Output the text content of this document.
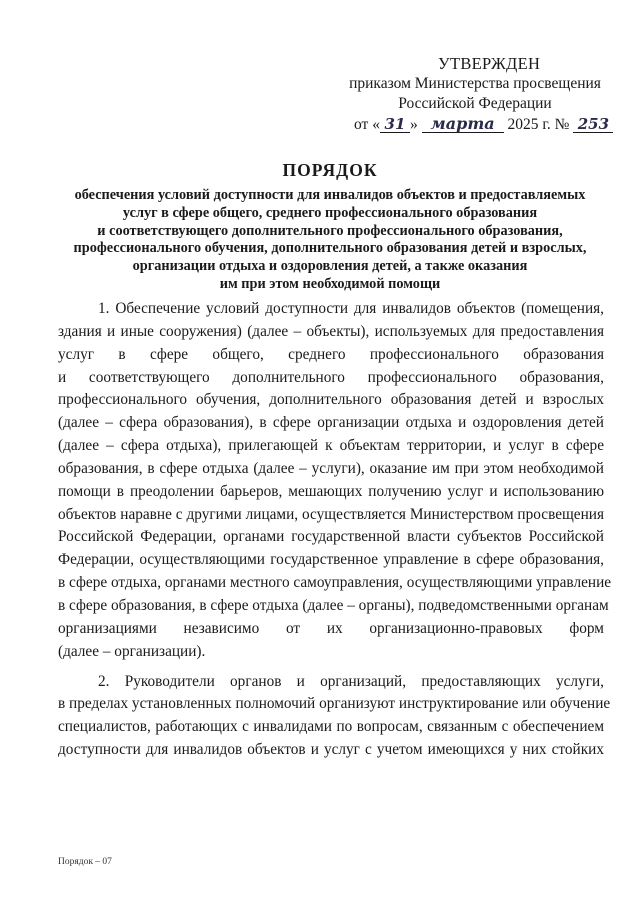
УТВЕРЖДЕН
приказом Министерства просвещения
Российской Федерации
от « 31 » марта 2025 г. № 253
ПОРЯДОК
обеспечения условий доступности для инвалидов объектов и предоставляемых
услуг в сфере общего, среднего профессионального образования
и соответствующего дополнительного профессионального образования,
профессионального обучения, дополнительного образования детей и взрослых,
организации отдыха и оздоровления детей, а также оказания
им при этом необходимой помощи
1. Обеспечение условий доступности для инвалидов объектов (помещения,
здания и иные сооружения) (далее – объекты), используемых для предоставления
услуг в сфере общего, среднего профессионального образования
и соответствующего дополнительного профессионального образования,
профессионального обучения, дополнительного образования детей и взрослых
(далее – сфера образования), в сфере организации отдыха и оздоровления детей
(далее – сфера отдыха), прилегающей к объектам территории, и услуг в сфере
образования, в сфере отдыха (далее – услуги), оказание им при этом необходимой
помощи в преодолении барьеров, мешающих получению услуг и использованию
объектов наравне с другими лицами, осуществляется Министерством просвещения
Российской Федерации, органами государственной власти субъектов Российской
Федерации, осуществляющими государственное управление в сфере образования,
в сфере отдыха, органами местного самоуправления, осуществляющими управление
в сфере образования, в сфере отдыха (далее – органы), подведомственными органам
организациями независимо от их организационно-правовых форм
(далее – организации).
2. Руководители органов и организаций, предоставляющих услуги,
в пределах установленных полномочий организуют инструктирование или обучение
специалистов, работающих с инвалидами по вопросам, связанным с обеспечением
доступности для инвалидов объектов и услуг с учетом имеющихся у них стойких
Порядок – 07
